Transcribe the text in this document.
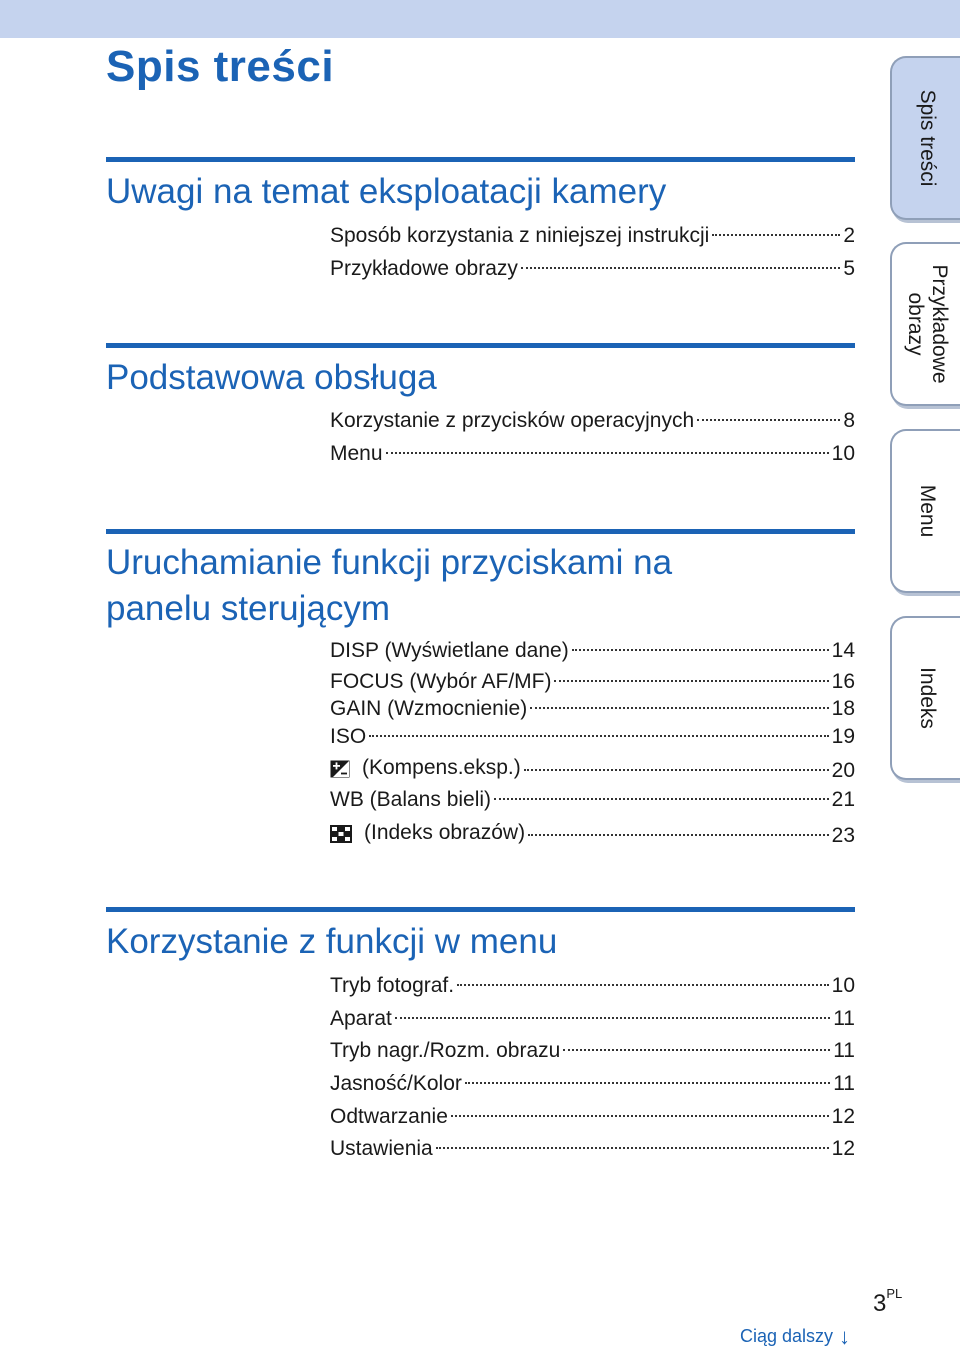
Spis treści
Uwagi na temat eksploatacji kamery
Sposób korzystania z niniejszej instrukcji	2
Przykładowe obrazy	5
Podstawowa obsługa
Korzystanie z przycisków operacyjnych	8
Menu	10
Uruchamianie funkcji przyciskami na
panelu sterującym
DISP (Wyświetlane dane)	14
FOCUS (Wybór AF/MF)	16
GAIN (Wzmocnienie)	18
ISO	19
(Kompens.eksp.)	20
WB (Balans bieli)	21
(Indeks obrazów)	23
Korzystanie z funkcji w menu
Tryb fotograf.	10
Aparat	11
Tryb nagr./Rozm. obrazu	11
Jasność/Kolor	11
Odtwarzanie	12
Ustawienia	12
Spis treści
Przykładowe
obrazy
Menu
Indeks
$3^{PL}$
Ciąg dalszy ↓
